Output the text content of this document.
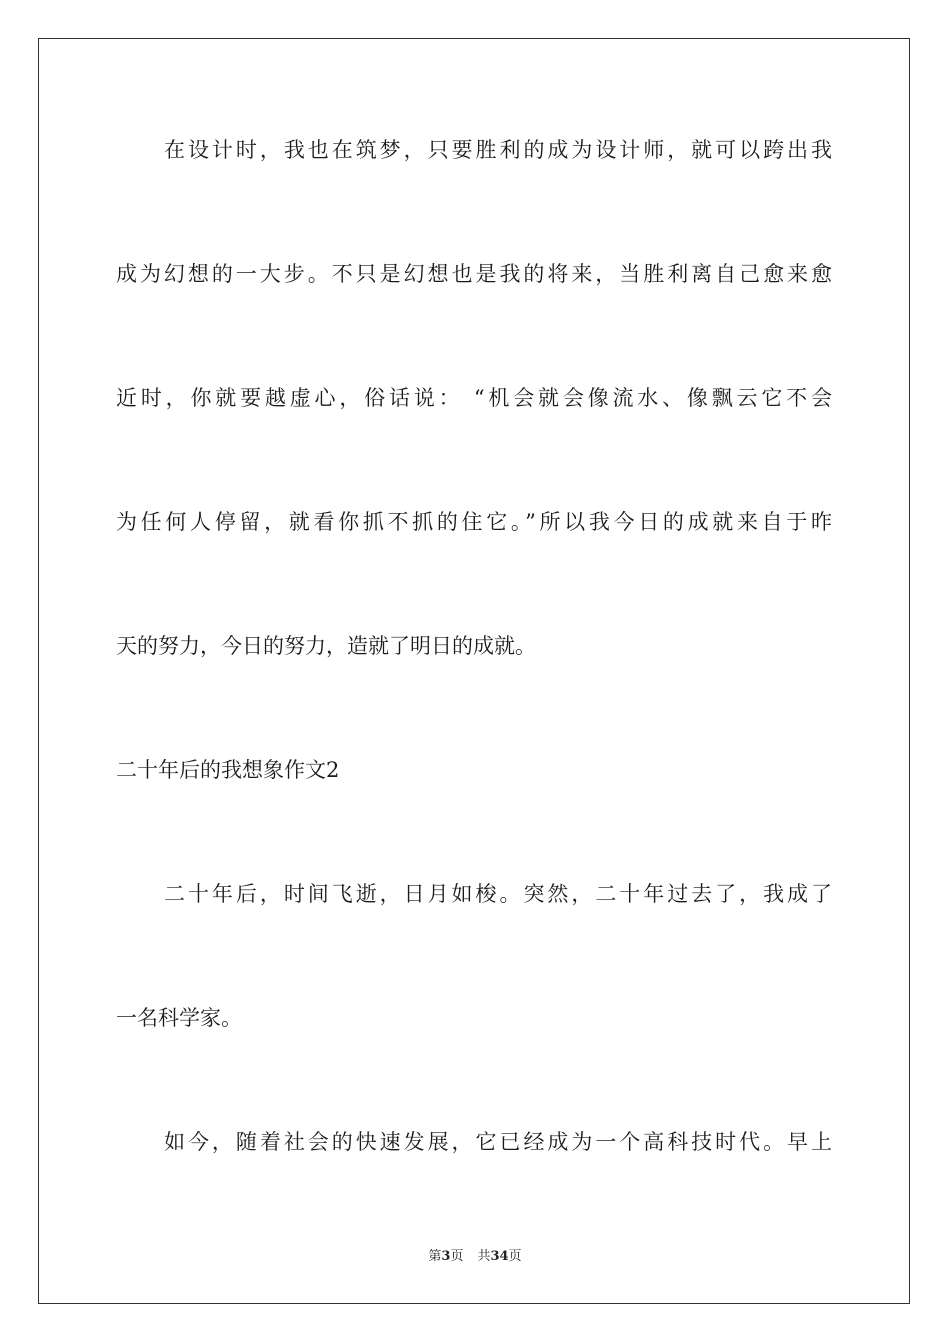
在设计时，我也在筑梦，只要胜利的成为设计师，就可以跨出我
成为幻想的一大步。不只是幻想也是我的将来，当胜利离自己愈来愈
近时，你就要越虚心，俗话说： “机会就会像流水、像飘云它不会
为任何人停留，就看你抓不抓的住它。”所以我今日的成就来自于昨
天的努力，今日的努力，造就了明日的成就。
二十年后的我想象作文2
二十年后，时间飞逝，日月如梭。突然，二十年过去了，我成了
一名科学家。
如今，随着社会的快速发展，它已经成为一个高科技时代。早上
第3页 共34页
